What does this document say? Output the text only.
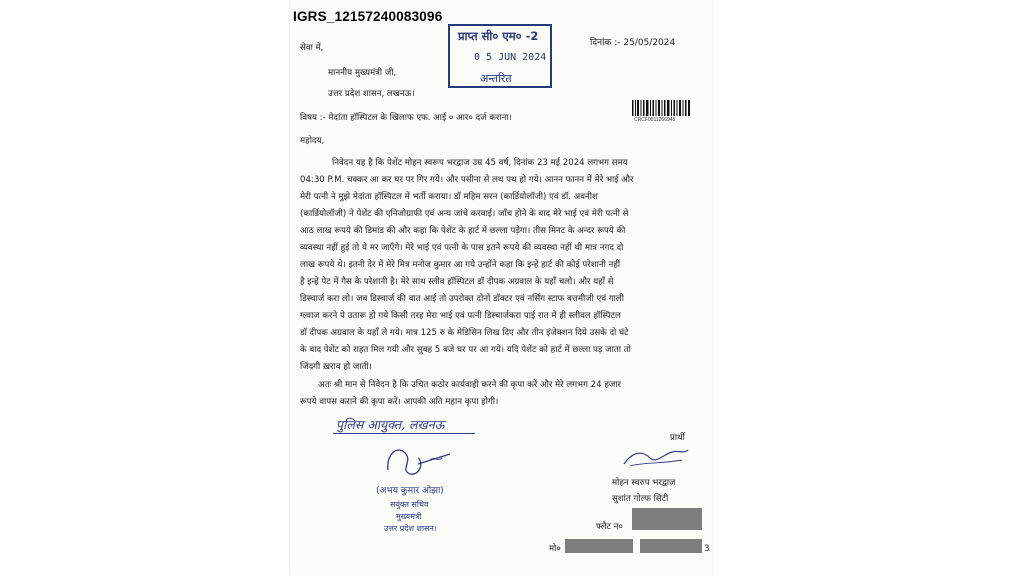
IGRS_12157240083096
प्राप्त सी० एम० -2
0 5 JUN 2024
अन्तरित
दिनांक :- 25/05/2024
सेवा में,
माननीय मुख्यमंत्री जी,
उत्तर प्रदेश शासन, लखनऊ।
CRCF0011266945
विषय :- मेदांता हॉस्पिटल के खिलाफ एफ. आई ० आर० दर्ज कराना।
महोदय,
निवेदन यह है कि पेशेंट मोहन स्वरूप भरद्वाज उम्र 45 वर्ष, दिनांक 23 मई 2024 लगभग समय
04:30 P.M. चक्कर आ कर घर पर गिर गये। और पसीना से लथ पथ हो गये। आनन फानन में मेरे भाई और
मेरी पत्नी ने मुझे मेदांता हॉस्पिटल में भर्ती कराया। डॉ महिम सरन (कार्डियोलॉजी) एवं डॉ. अवनीश
(कार्डियोलॉजी) ने पेशेंट की एनिजोग्राफी एवं अन्य जांचे करवाई। जाँच होने के बाद मेरे भाई एवं मेरी पत्नी से
आठ लाख रूपये की डिमांड की और कहा कि पेशेंट के हार्ट में छल्ला पड़ेगा। तीस मिनट के अन्दर रूपये की
व्यवस्था नहीं हुई तो ये मर जाएँगे। मेरे भाई एवं पत्नी के पास इतने रूपये की व्यवस्था नहीं थी मात्र नगद दो
लाख रूपये थे। इतनी देर में मेरे मित्र मनोज कुमार आ गये उन्होंने कहा कि इन्हें हार्ट की कोई परेशानी नहीं
है इन्हें पेट में गैस के परेशानी है। मेरे साथ स्लीव हॉस्पिटल डॉ दीपक अग्रवाल के यहाँ चलो। और यहाँ से
डिस्चार्ज करा लो। जब डिस्चार्ज की बात आई तो उपरोक्त दोनों डॉक्टर एवं नर्सिंग स्टाफ बत्तमीजी एवं गाली
ग्ल्वाज करने पे उतारू हो गये किसी तरह मेरा भाई एवं पत्नी डिस्चार्जकरा पाई रात में ही स्लीवल हॉस्पिटल
डॉ दीपक अग्रवाल के यहाँ ले गये। मात्र 125 रु के मेडिसिन लिख दिए और तीन इंजेक्शन दिये उसके दो घंटे
के बाद पेशेंट को राहत मिल गयी और सुबह 5 बजे घर पर आ गये। यदि पेशेंट को हार्ट में छल्ला पड़ जाता तो
जिंदगी ख़राब हो जाती।
अतः श्री मान से निवेदन है कि उचित कठोर कार्यवाही करने की कृपा करें और मेरे लगभग 24 हजार
रूपये वापस कराने की कृपा करें। आपकी अति महान कृपा होगी।
पुलिस आयुक्त, लखनऊ
प्रार्थी
मोहन स्वरुप भरद्वाज
सुशांत गोल्फ सिटी
फ्लैट न०
मो०	3
(अभय कुमार ओझा)
सयुंक्त सचिव
मुख्यमंत्री
उत्तर प्रदेश शासन।
